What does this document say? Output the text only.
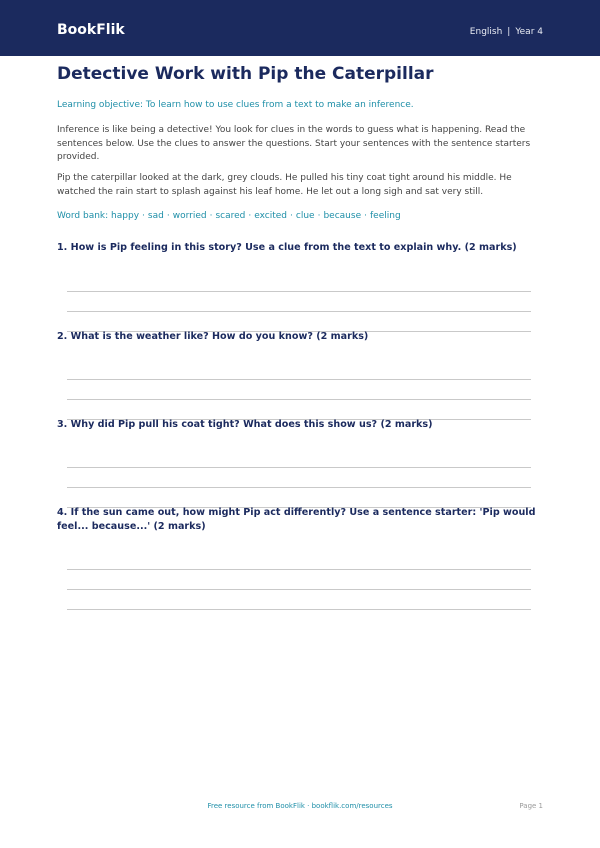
BookFlik	English | Year 4
Detective Work with Pip the Caterpillar
Learning objective: To learn how to use clues from a text to make an inference.
Inference is like being a detective! You look for clues in the words to guess what is happening. Read the sentences below. Use the clues to answer the questions. Start your sentences with the sentence starters provided.
Pip the caterpillar looked at the dark, grey clouds. He pulled his tiny coat tight around his middle. He watched the rain start to splash against his leaf home. He let out a long sigh and sat very still.
Word bank: happy · sad · worried · scared · excited · clue · because · feeling
1. How is Pip feeling in this story? Use a clue from the text to explain why. (2 marks)
2. What is the weather like? How do you know? (2 marks)
3. Why did Pip pull his coat tight? What does this show us? (2 marks)
4. If the sun came out, how might Pip act differently? Use a sentence starter: 'Pip would feel... because...' (2 marks)
Free resource from BookFlik · bookflik.com/resources	Page 1
